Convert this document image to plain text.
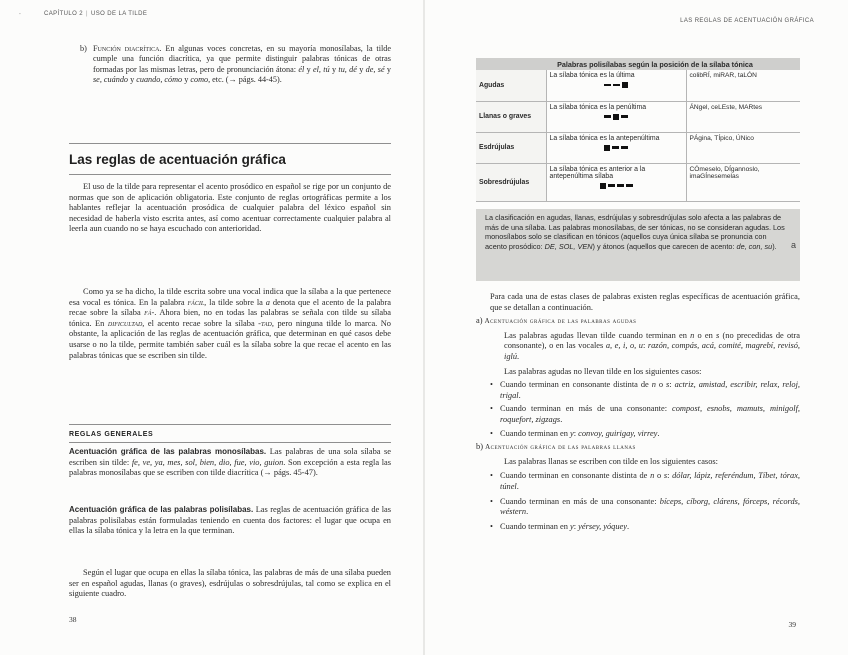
⸱	CAPÍTULO 2 | USO DE LA TILDE
b) Función diacrítica. En algunas voces concretas, en su mayoría monosílabas, la tilde cumple una función diacrítica, ya que permite distinguir palabras tónicas de otras formadas por las mismas letras, pero de pronunciación átona: él y el, tú y tu, dé y de, sé y se, cuándo y cuando, cómo y como, etc. (→ págs. 44-45).
Las reglas de acentuación gráfica
El uso de la tilde para representar el acento prosódico en español se rige por un conjunto de normas que son de aplicación obligatoria. Este conjunto de reglas ortográficas permite a los hablantes reflejar la acentuación prosódica de cualquier palabra del léxico español sin necesidad de haberla visto escrita antes, así como acentuar correctamente cualquier palabra al leerla aun cuando no se haya escuchado con anterioridad.
Como ya se ha dicho, la tilde escrita sobre una vocal indica que la sílaba a la que pertenece esa vocal es tónica. En la palabra fácil, la tilde sobre la a denota que el acento de la palabra recae sobre la sílaba fá-. Ahora bien, no en todas las palabras se señala con tilde su sílaba tónica. En dificultad, el acento recae sobre la sílaba -tad, pero ninguna tilde lo marca. No obstante, la aplicación de las reglas de acentuación gráfica, que determinan en qué casos debe usarse o no la tilde, permite también saber cuál es la sílaba sobre la que recae el acento en las palabras tónicas que se escriben sin tilde.
REGLAS GENERALES
Acentuación gráfica de las palabras monosílabas. Las palabras de una sola sílaba se escriben sin tilde: fe, ve, ya, mes, sol, bien, dio, fue, vio, guion. Son excepción a esta regla las palabras monosílabas que se escriben con tilde diacrítica (→ págs. 45-47).
Acentuación gráfica de las palabras polisílabas. Las reglas de acentuación gráfica de las palabras polisílabas están formuladas teniendo en cuenta dos factores: el lugar que ocupa en ellas la sílaba tónica y la letra en la que terminan.
Según el lugar que ocupa en ellas la sílaba tónica, las palabras de más de una sílaba pueden ser en español agudas, llanas (o graves), esdrújulas o sobresdrújulas, tal como se explica en el siguiente cuadro.
38
LAS REGLAS DE ACENTUACIÓN GRÁFICA
39
Palabras polisílabas según la posición de la sílaba tónica		
Agudas	La sílaba tónica es la última	colibRÍ, miRAR, taLÓN
Llanas o graves	La sílaba tónica es la penúltima	ÁNgel, ceLEste, MARtes
Esdrújulas	La sílaba tónica es la antepenúltima	PÁgina, TÍpico, ÚNico
Sobresdrújulas	La sílaba tónica es anterior a la antepenúltima sílaba	CÓmeselo, DÍgannoslo, imaGÍnesemelas
La clasificación en agudas, llanas, esdrújulas y sobresdrújulas solo afecta a las palabras de más de una sílaba. Las palabras monosílabas, de ser tónicas, no se consideran agudas. Los monosílabos solo se clasifican en tónicos (aquellos cuya única sílaba se pronuncia con acento prosódico: DE, SOL, VEN) y átonos (aquellos que carecen de acento: de, con, su). a

Para cada una de estas clases de palabras existen reglas específicas de acentuación gráfica, que se detallan a continuación.

a) Acentuación gráfica de las palabras agudas

Las palabras agudas llevan tilde cuando terminan en n o en s (no precedidas de otra consonante), o en las vocales a, e, i, o, u: razón, compás, acá, comité, magrebí, revisó, iglú.

Las palabras agudas no llevan tilde en los siguientes casos:

• Cuando terminan en consonante distinta de n o s: actriz, amistad, escribir, relax, reloj, trigal.

• Cuando terminan en más de una consonante: compost, esnobs, mamuts, minigolf, roquefort, zigzags.

• Cuando terminan en y: convoy, guirigay, virrey.

b) Acentuación gráfica de las palabras llanas

Las palabras llanas se escriben con tilde en los siguientes casos:

• Cuando terminan en consonante distinta de n o s: dólar, lápiz, referéndum, Tíbet, tórax, túnel.

• Cuando terminan en más de una consonante: bíceps, cíborg, clárens, fórceps, récords, wéstern.

• Cuando terminan en y: yérsey, yóquey.
